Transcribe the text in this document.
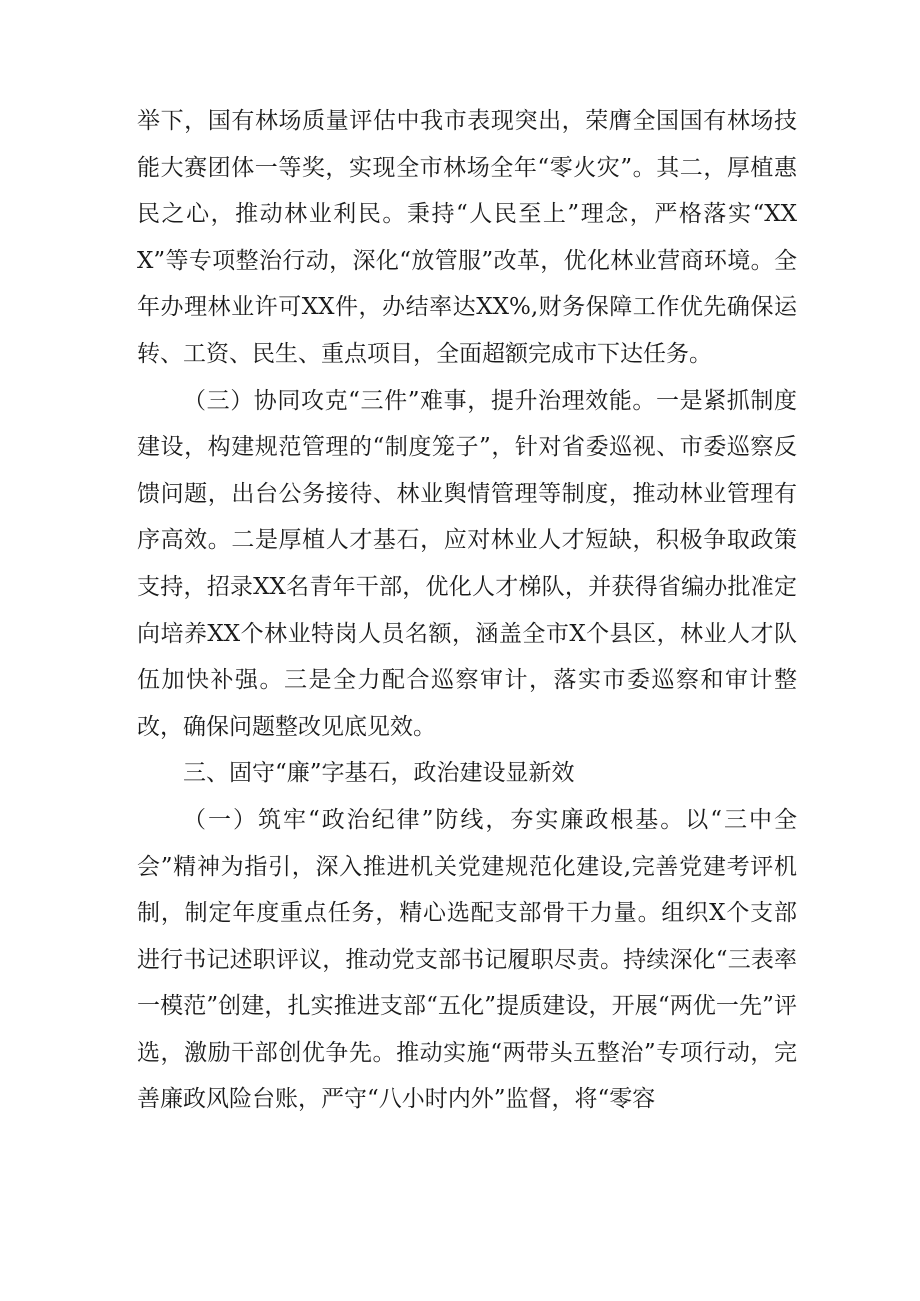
举下，国有林场质量评估中我市表现突出，荣膺全国国有林场技能大赛团体一等奖，实现全市林场全年“零火灾”。其二，厚植惠民之心，推动林业利民。秉持“人民至上”理念，严格落实“XXX”等专项整治行动，深化“放管服”改革，优化林业营商环境。全年办理林业许可XX件，办结率达XX%,财务保障工作优先确保运转、工资、民生、重点项目，全面超额完成市下达任务。

（三）协同攻克“三件”难事，提升治理效能。一是紧抓制度建设，构建规范管理的“制度笼子”，针对省委巡视、市委巡察反馈问题，出台公务接待、林业舆情管理等制度，推动林业管理有序高效。二是厚植人才基石，应对林业人才短缺，积极争取政策支持，招录XX名青年干部，优化人才梯队，并获得省编办批准定向培养XX个林业特岗人员名额，涵盖全市X个县区，林业人才队伍加快补强。三是全力配合巡察审计，落实市委巡察和审计整改，确保问题整改见底见效。

三、固守“廉”字基石，政治建设显新效

（一）筑牢“政治纪律”防线，夯实廉政根基。以“三中全会”精神为指引，深入推进机关党建规范化建设,完善党建考评机制，制定年度重点任务，精心选配支部骨干力量。组织X个支部进行书记述职评议，推动党支部书记履职尽责。持续深化“三表率一模范”创建，扎实推进支部“五化”提质建设，开展“两优一先”评选，激励干部创优争先。推动实施“两带头五整治”专项行动，完善廉政风险台账，严守“八小时内外”监督，将“零容
